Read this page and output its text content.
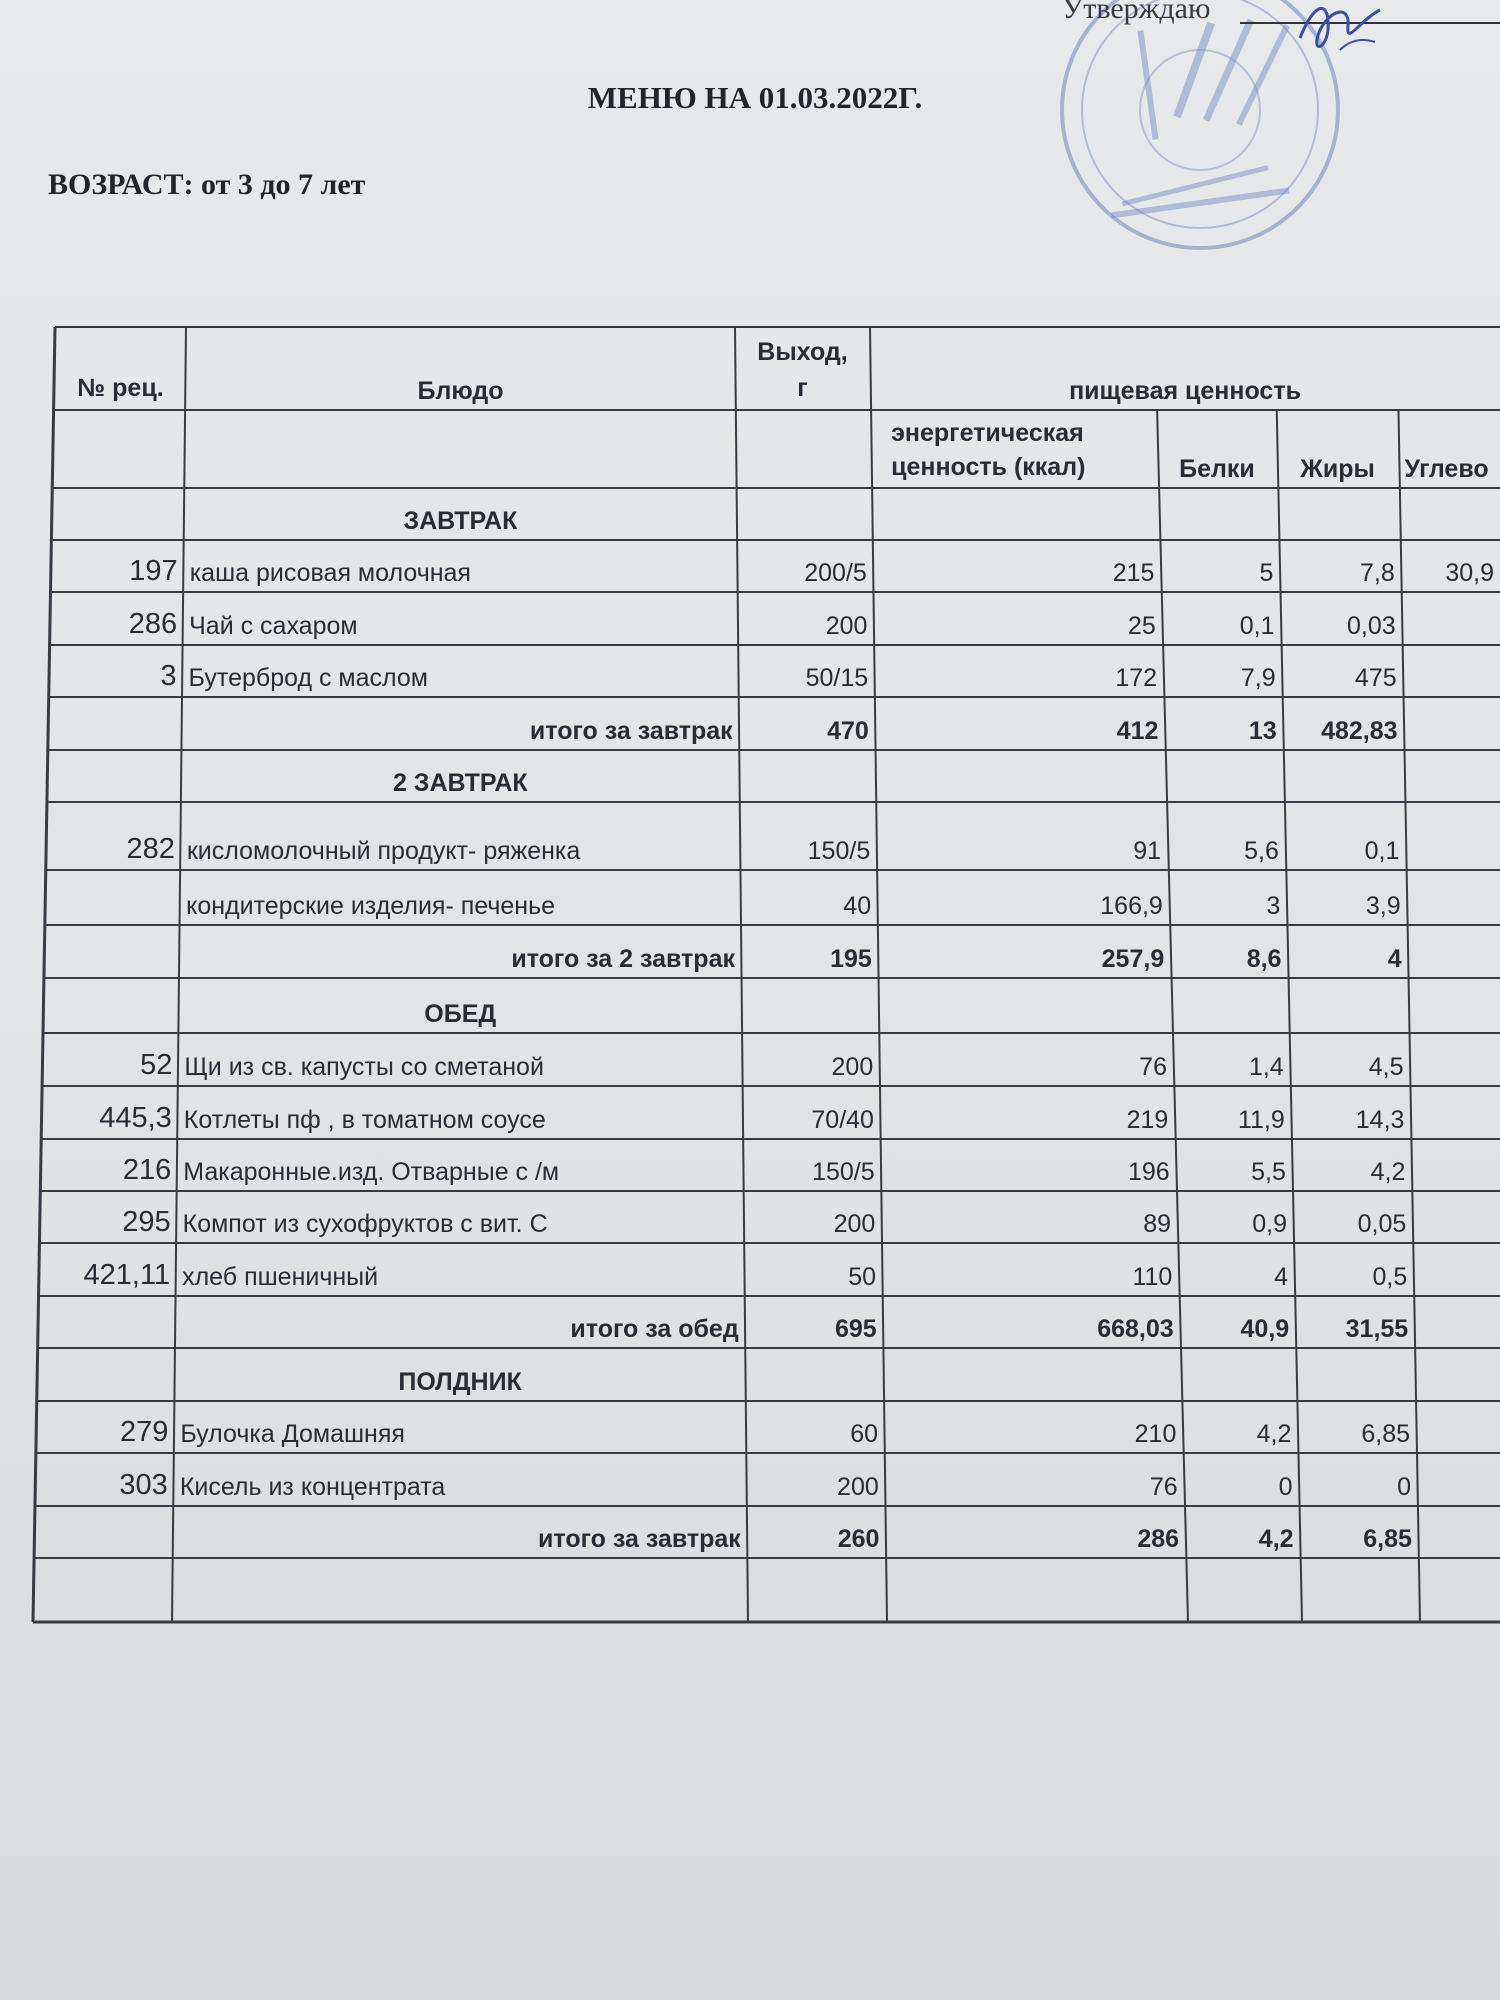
Утверждаю
МЕНЮ НА 01.03.2022Г.
ВОЗРАСТ: от 3 до 7 лет
№ рец.	Блюдо
Выход, г	пищевая ценность
энергетическая ценность (ккал)	Белки	Жиры	Углево
ЗАВТРАК
197 каша рисовая молочная	200/5	215	5	7,8	30,9
286 Чай с сахаром	200	25	0,1	0,03
3 Бутерброд с маслом	50/15	172	7,9	475
итого за завтрак	470	412	13	482,83
2 ЗАВТРАК
282 кисломолочный продукт- ряженка	150/5	91	5,6	0,1
кондитерские изделия- печенье	40	166,9	3	3,9
итого за 2 завтрак	195	257,9	8,6	4
ОБЕД
52 Щи из св. капусты со сметаной	200	76	1,4	4,5
445,3 Котлеты пф , в томатном соусе	70/40	219	11,9	14,3
216 Макаронные.изд. Отварные с /м	150/5	196	5,5	4,2
295 Компот из сухофруктов с вит. С	200	89	0,9	0,05
421,11 хлеб пшеничный	50	110	4	0,5
итого за обед	695	668,03	40,9	31,55
ПОЛДНИК
279 Булочка Домашняя	60	210	4,2	6,85
303 Кисель из концентрата	200	76	0	0
итого за завтрак	260	286	4,2	6,85
